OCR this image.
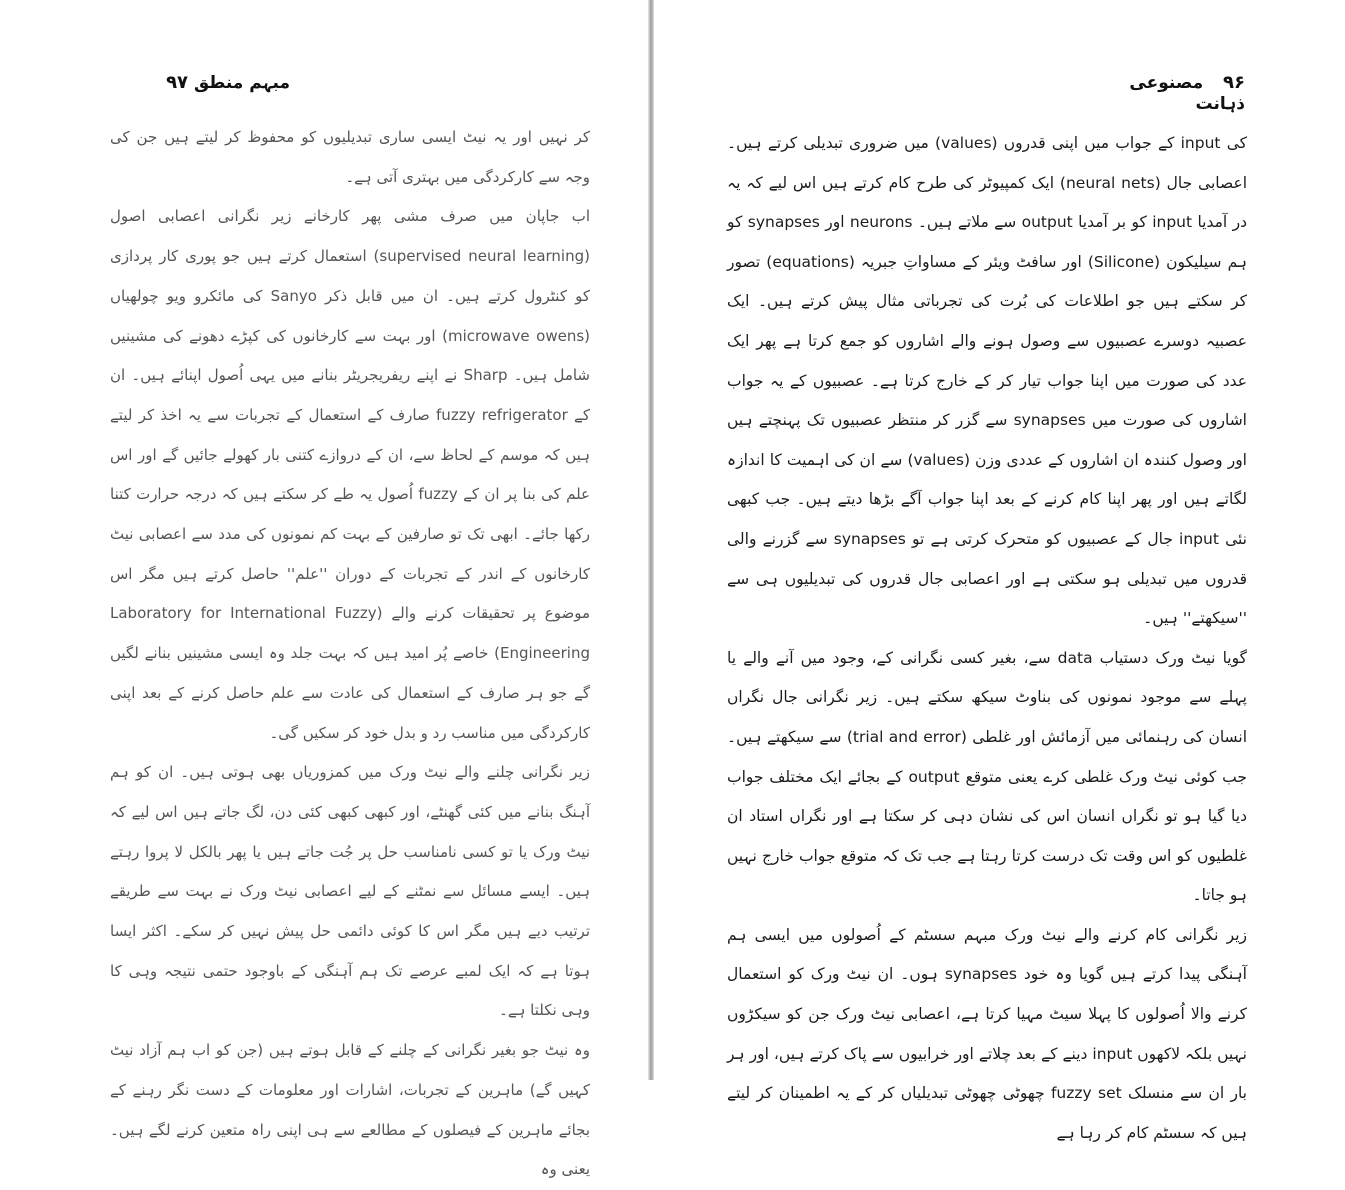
مبہم منطق ۹۷

کر نہیں اور یہ نیٹ ایسی ساری تبدیلیوں کو محفوظ کر لیتے ہیں جن کی وجہ سے کارکردگی میں بہتری آتی ہے۔

اب جاپان میں صرف مشی پھر کارخانے زیر نگرانی اعصابی اصول (supervised neural learning) استعمال کرتے ہیں جو پوری کار پردازی کو کنٹرول کرتے ہیں۔ ان میں قابل ذکر Sanyo کی مائکرو ویو چولھیاں (microwave owens) اور بہت سے کارخانوں کی کپڑے دھونے کی مشینیں شامل ہیں۔ Sharp نے اپنے ریفریجریٹر بنانے میں یہی اُصول اپنائے ہیں۔ ان کے fuzzy refrigerator صارف کے استعمال کے تجربات سے یہ اخذ کر لیتے ہیں کہ موسم کے لحاظ سے، ان کے دروازے کتنی بار کھولے جائیں گے اور اس علم کی بنا پر ان کے fuzzy اُصول یہ طے کر سکتے ہیں کہ درجہ حرارت کتنا رکھا جائے۔ ابھی تک تو صارفین کے بہت کم نمونوں کی مدد سے اعصابی نیٹ کارخانوں کے اندر کے تجربات کے دوران ''علم'' حاصل کرتے ہیں مگر اس موضوع پر تحقیقات کرنے والے (Laboratory for International Fuzzy Engineering) خاصے پُر امید ہیں کہ بہت جلد وہ ایسی مشینیں بنانے لگیں گے جو ہر صارف کے استعمال کی عادت سے علم حاصل کرنے کے بعد اپنی کارکردگی میں مناسب رد و بدل خود کر سکیں گی۔

زیر نگرانی چلنے والے نیٹ ورک میں کمزوریاں بھی ہوتی ہیں۔ ان کو ہم آہنگ بنانے میں کئی گھنٹے، اور کبھی کبھی کئی دن، لگ جاتے ہیں اس لیے کہ نیٹ ورک یا تو کسی نامناسب حل پر جُت جاتے ہیں یا پھر بالکل لا پروا رہتے ہیں۔ ایسے مسائل سے نمٹنے کے لیے اعصابی نیٹ ورک نے بہت سے طریقے ترتیب دیے ہیں مگر اس کا کوئی دائمی حل پیش نہیں کر سکے۔ اکثر ایسا ہوتا ہے کہ ایک لمبے عرصے تک ہم آہنگی کے باوجود حتمی نتیجہ وہی کا وہی نکلتا ہے۔

وہ نیٹ جو بغیر نگرانی کے چلنے کے قابل ہوتے ہیں (جن کو اب ہم آزاد نیٹ کہیں گے) ماہرین کے تجربات، اشارات اور معلومات کے دست نگر رہنے کے بجائے ماہرین کے فیصلوں کے مطالعے سے ہی اپنی راہ متعین کرنے لگے ہیں۔ یعنی وہ

۹۶ مصنوعی ذہانت

کی input کے جواب میں اپنی قدروں (values) میں ضروری تبدیلی کرتے ہیں۔ اعصابی جال (neural nets) ایک کمپیوٹر کی طرح کام کرتے ہیں اس لیے کہ یہ در آمدیا input کو بر آمدیا output سے ملاتے ہیں۔ neurons اور synapses کو ہم سیلیکون (Silicone) اور سافٹ ویئر کے مساواتِ جبریہ (equations) تصور کر سکتے ہیں جو اطلاعات کی بُرت کی تجرباتی مثال پیش کرتے ہیں۔ ایک عصبیہ دوسرے عصبیوں سے وصول ہونے والے اشاروں کو جمع کرتا ہے پھر ایک عدد کی صورت میں اپنا جواب تیار کر کے خارج کرتا ہے۔ عصبیوں کے یہ جواب اشاروں کی صورت میں synapses سے گزر کر منتظر عصبیوں تک پہنچتے ہیں اور وصول کنندہ ان اشاروں کے عددی وزن (values) سے ان کی اہمیت کا اندازہ لگاتے ہیں اور پھر اپنا کام کرنے کے بعد اپنا جواب آگے بڑھا دیتے ہیں۔ جب کبھی نئی input جال کے عصبیوں کو متحرک کرتی ہے تو synapses سے گزرنے والی قدروں میں تبدیلی ہو سکتی ہے اور اعصابی جال قدروں کی تبدیلیوں ہی سے ''سیکھتے'' ہیں۔

گویا نیٹ ورک دستیاب data سے، بغیر کسی نگرانی کے، وجود میں آنے والے یا پہلے سے موجود نمونوں کی بناوٹ سیکھ سکتے ہیں۔ زیر نگرانی جال نگراں انسان کی رہنمائی میں آزمائش اور غلطی (trial and error) سے سیکھتے ہیں۔ جب کوئی نیٹ ورک غلطی کرے یعنی متوقع output کے بجائے ایک مختلف جواب دیا گیا ہو تو نگراں انسان اس کی نشان دہی کر سکتا ہے اور نگراں استاد ان غلطیوں کو اس وقت تک درست کرتا رہتا ہے جب تک کہ متوقع جواب خارج نہیں ہو جاتا۔

زیر نگرانی کام کرنے والے نیٹ ورک مبہم سسٹم کے اُصولوں میں ایسی ہم آہنگی پیدا کرتے ہیں گویا وہ خود synapses ہوں۔ ان نیٹ ورک کو استعمال کرنے والا اُصولوں کا پہلا سیٹ مہیا کرتا ہے، اعصابی نیٹ ورک جن کو سیکڑوں نہیں بلکہ لاکھوں input دینے کے بعد چلاتے اور خرابیوں سے پاک کرتے ہیں، اور ہر بار ان سے منسلک fuzzy set چھوٹی چھوٹی تبدیلیاں کر کے یہ اطمینان کر لیتے ہیں کہ سسٹم کام کر رہا ہے
